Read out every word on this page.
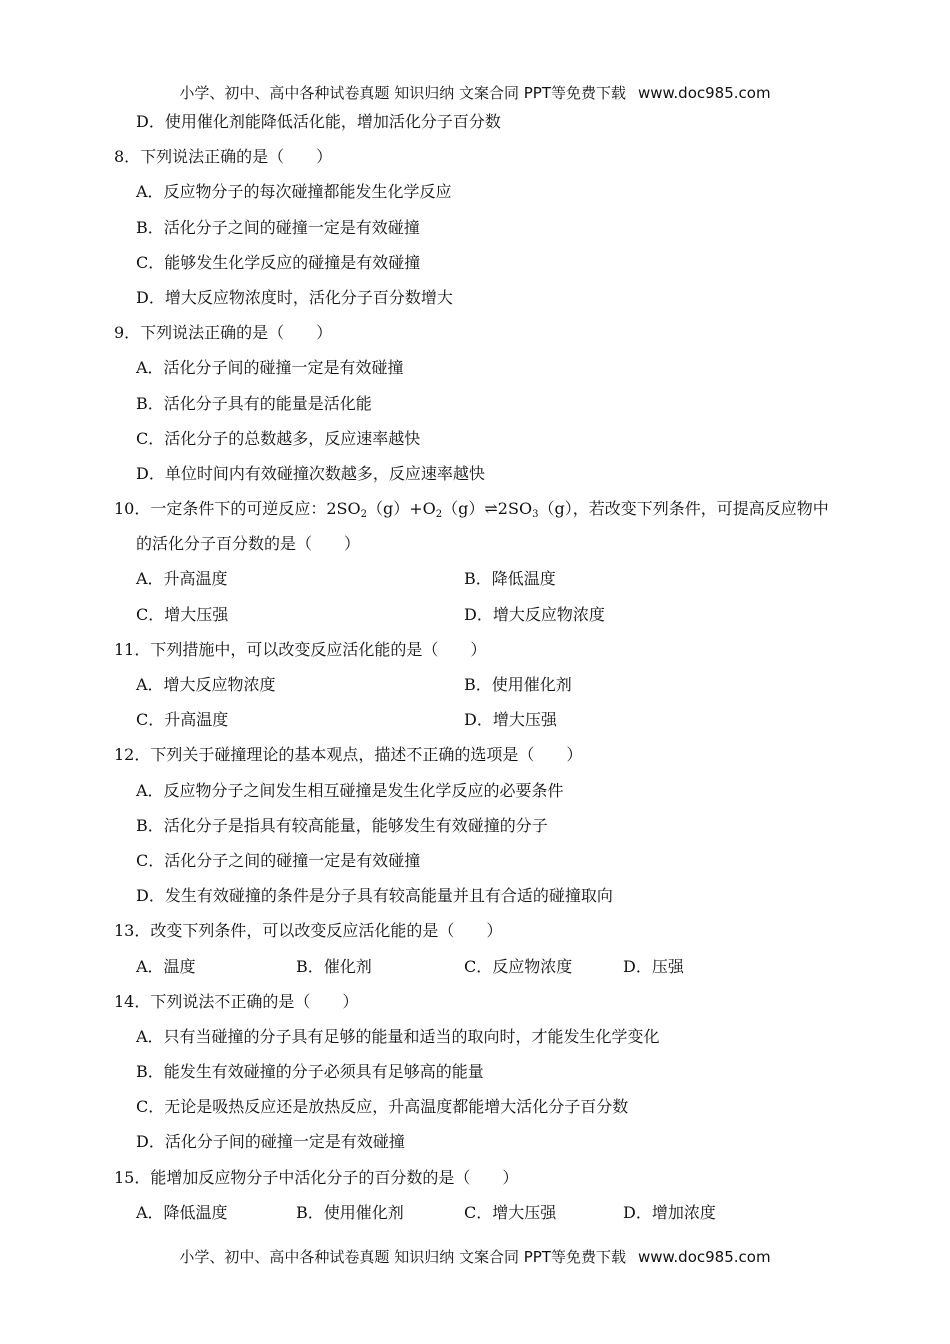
小学、初中、高中各种试卷真题 知识归纳 文案合同 PPT等免费下载 www.doc985.com
D．使用催化剂能降低活化能，增加活化分子百分数
8．下列说法正确的是（　　）
A．反应物分子的每次碰撞都能发生化学反应
B．活化分子之间的碰撞一定是有效碰撞
C．能够发生化学反应的碰撞是有效碰撞
D．增大反应物浓度时，活化分子百分数增大
9．下列说法正确的是（　　）
A．活化分子间的碰撞一定是有效碰撞
B．活化分子具有的能量是活化能
C．活化分子的总数越多，反应速率越快
D．单位时间内有效碰撞次数越多，反应速率越快
10．一定条件下的可逆反应：$2SO_2(g)+O_2(g)\rightleftharpoons 2SO_3(g)$，若改变下列条件，可提高反应物中
的活化分子百分数的是（　　）
A．升高温度	B．降低温度
C．增大压强	D．增大反应物浓度
11．下列措施中，可以改变反应活化能的是（　　）
A．增大反应物浓度	B．使用催化剂
C．升高温度	D．增大压强
12．下列关于碰撞理论的基本观点，描述不正确的选项是（　　）
A．反应物分子之间发生相互碰撞是发生化学反应的必要条件
B．活化分子是指具有较高能量，能够发生有效碰撞的分子
C．活化分子之间的碰撞一定是有效碰撞
D．发生有效碰撞的条件是分子具有较高能量并且有合适的碰撞取向
13．改变下列条件，可以改变反应活化能的是（　　）
A．温度	B．催化剂	C．反应物浓度	D．压强
14．下列说法不正确的是（　　）
A．只有当碰撞的分子具有足够的能量和适当的取向时，才能发生化学变化
B．能发生有效碰撞的分子必须具有足够高的能量
C．无论是吸热反应还是放热反应，升高温度都能增大活化分子百分数
D．活化分子间的碰撞一定是有效碰撞
15．能增加反应物分子中活化分子的百分数的是（　　）
A．降低温度	B．使用催化剂	C．增大压强	D．增加浓度
小学、初中、高中各种试卷真题 知识归纳 文案合同 PPT等免费下载 www.doc985.com
